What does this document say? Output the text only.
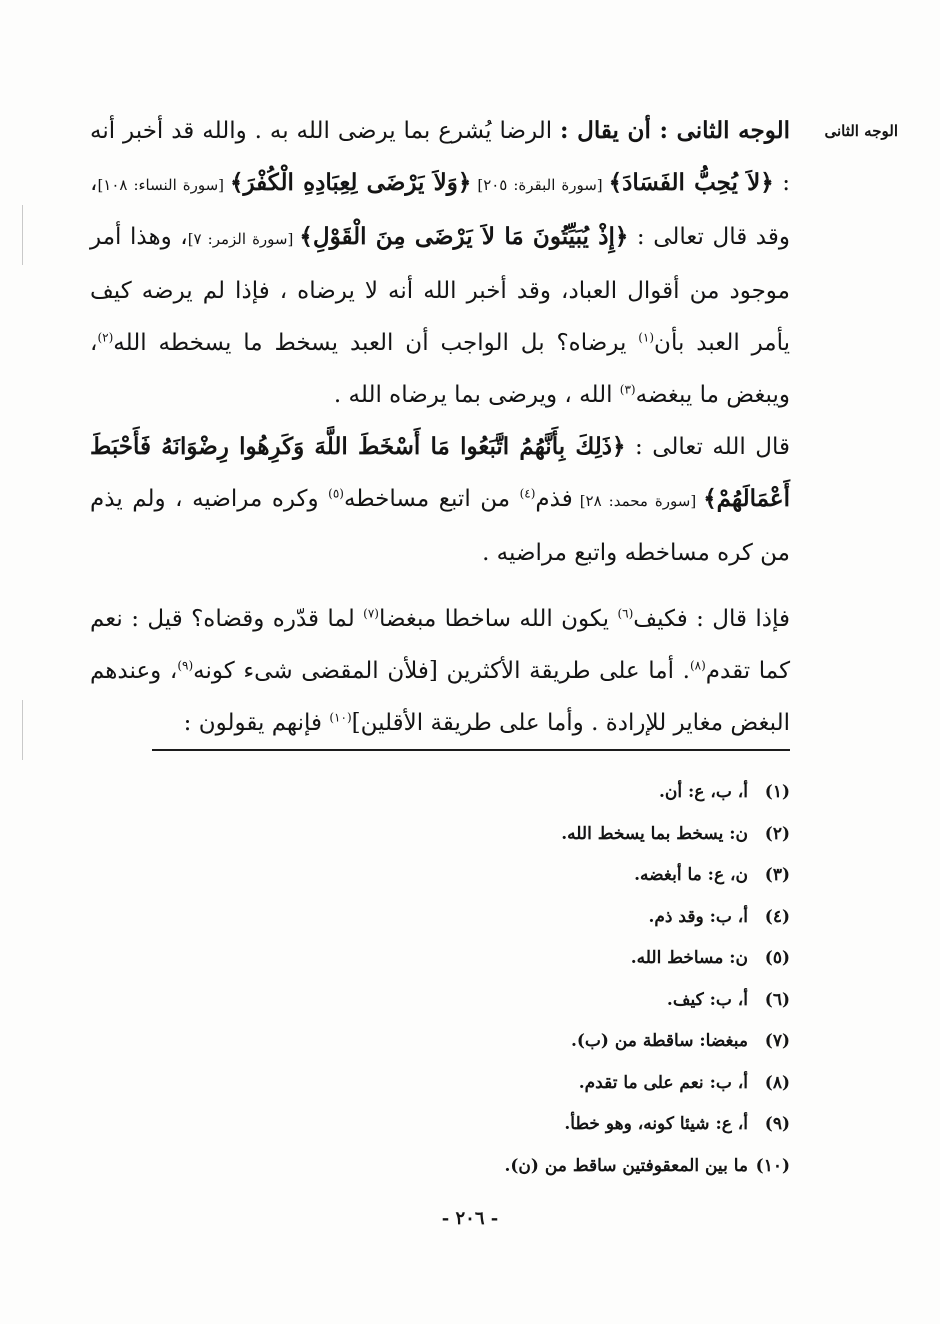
الوجه الثانى

الوجه الثانى : أن يقال : الرضا يُشرع بما يرضى الله به . والله قد أخبر أنه : ﴿لاَ يُحِبُّ الفَسَادَ﴾ [سورة البقرة: ٢٠٥] ﴿وَلاَ يَرْضَى لِعِبَادِهِ الْكُفْرَ﴾ [سورة النساء: ١٠٨]، وقد قال تعالى : ﴿إِذْ يُبَيِّتُونَ مَا لاَ يَرْضَى مِنَ الْقَوْلِ﴾ [سورة الزمر: ٧]، وهذا أمر موجود من أقوال العباد، وقد أخبر الله أنه لا يرضاه ، فإذا لم يرضه كيف يأمر العبد بأن$^{(١)}$ يرضاه؟ بل الواجب أن العبد يسخط ما يسخطه الله$^{(٢)}$، ويبغض ما يبغضه$^{(٣)}$ الله ، ويرضى بما يرضاه الله .

قال الله تعالى : ﴿ذَلِكَ بِأَنَّهُمُ اتَّبَعُوا مَا أَسْخَطَ اللَّهَ وَكَرِهُوا رِضْوَانَهُ فَأَحْبَطَ أَعْمَالَهُمْ﴾ [سورة محمد: ٢٨] فذم$^{(٤)}$ من اتبع مساخطه$^{(٥)}$ وكره مراضيه ، ولم يذم من كره مساخطه واتبع مراضيه .

فإذا قال : فكيف$^{(٦)}$ يكون الله ساخطا مبغضا$^{(٧)}$ لما قدّره وقضاه؟ قيل : نعم كما تقدم$^{(٨)}$. أما على طريقة الأكثرين [فلأن المقضى شىء كونه$^{(٩)}$، وعندهم البغض مغاير للإرادة . وأما على طريقة الأقلين]$^{(١٠)}$ فإنهم يقولون :

(١)أ، ب، ع: أن.
(٢)ن: يسخط بما يسخط الله.
(٣)ن، ع: ما أبغضه.
(٤)أ، ب: وقد ذم.
(٥)ن: مساخط الله.
(٦)أ، ب: كيف.
(٧)مبغضا: ساقطة من (ب).
(٨)أ، ب: نعم على ما تقدم.
(٩)أ، ع: شيئا كونه، وهو خطأ.
(١٠)ما بين المعقوفتين ساقط من (ن).
- ٢٠٦ -
